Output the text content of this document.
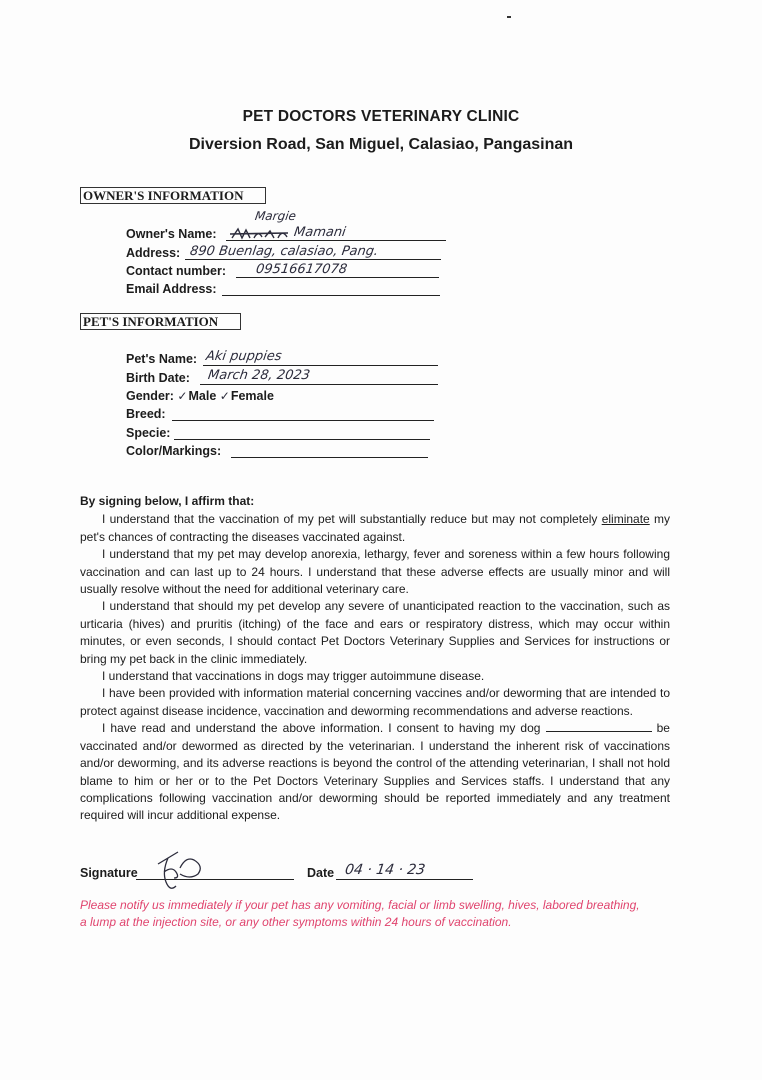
PET DOCTORS VETERINARY CLINIC
Diversion Road, San Miguel, Calasiao, Pangasinan
OWNER'S INFORMATION
Margie
Owner's Name:	Mamani
Address: 890 Buenlag, calasiao, Pang.
Contact number: 09516617078
Email Address:
PET'S INFORMATION
Pet's Name: Aki puppies
Birth Date: March 28, 2023
Gender: ✓Male ✓Female
Breed:
Specie:
Color/Markings:

By signing below, I affirm that:

I understand that the vaccination of my pet will substantially reduce but may not completely eliminate my pet's chances of contracting the diseases vaccinated against.

I understand that my pet may develop anorexia, lethargy, fever and soreness within a few hours following vaccination and can last up to 24 hours. I understand that these adverse effects are usually minor and will usually resolve without the need for additional veterinary care.

I understand that should my pet develop any severe of unanticipated reaction to the vaccination, such as urticaria (hives) and pruritis (itching) of the face and ears or respiratory distress, which may occur within minutes, or even seconds, I should contact Pet Doctors Veterinary Supplies and Services for instructions or bring my pet back in the clinic immediately.

I understand that vaccinations in dogs may trigger autoimmune disease.

I have been provided with information material concerning vaccines and/or deworming that are intended to protect against disease incidence, vaccination and deworming recommendations and adverse reactions.

I have read and understand the above information. I consent to having my dog	be vaccinated and/or dewormed as directed by the veterinarian. I understand the inherent risk of vaccinations and/or deworming, and its adverse reactions is beyond the control of the attending veterinarian, I shall not hold blame to him or her or to the Pet Doctors Veterinary Supplies and Services staffs. I understand that any complications following vaccination and/or deworming should be reported immediately and any treatment required will incur additional expense.

Signature	Date 04 · 14 · 23
Please notify us immediately if your pet has any vomiting, facial or limb swelling, hives, labored breathing, a lump at the injection site, or any other symptoms within 24 hours of vaccination.
